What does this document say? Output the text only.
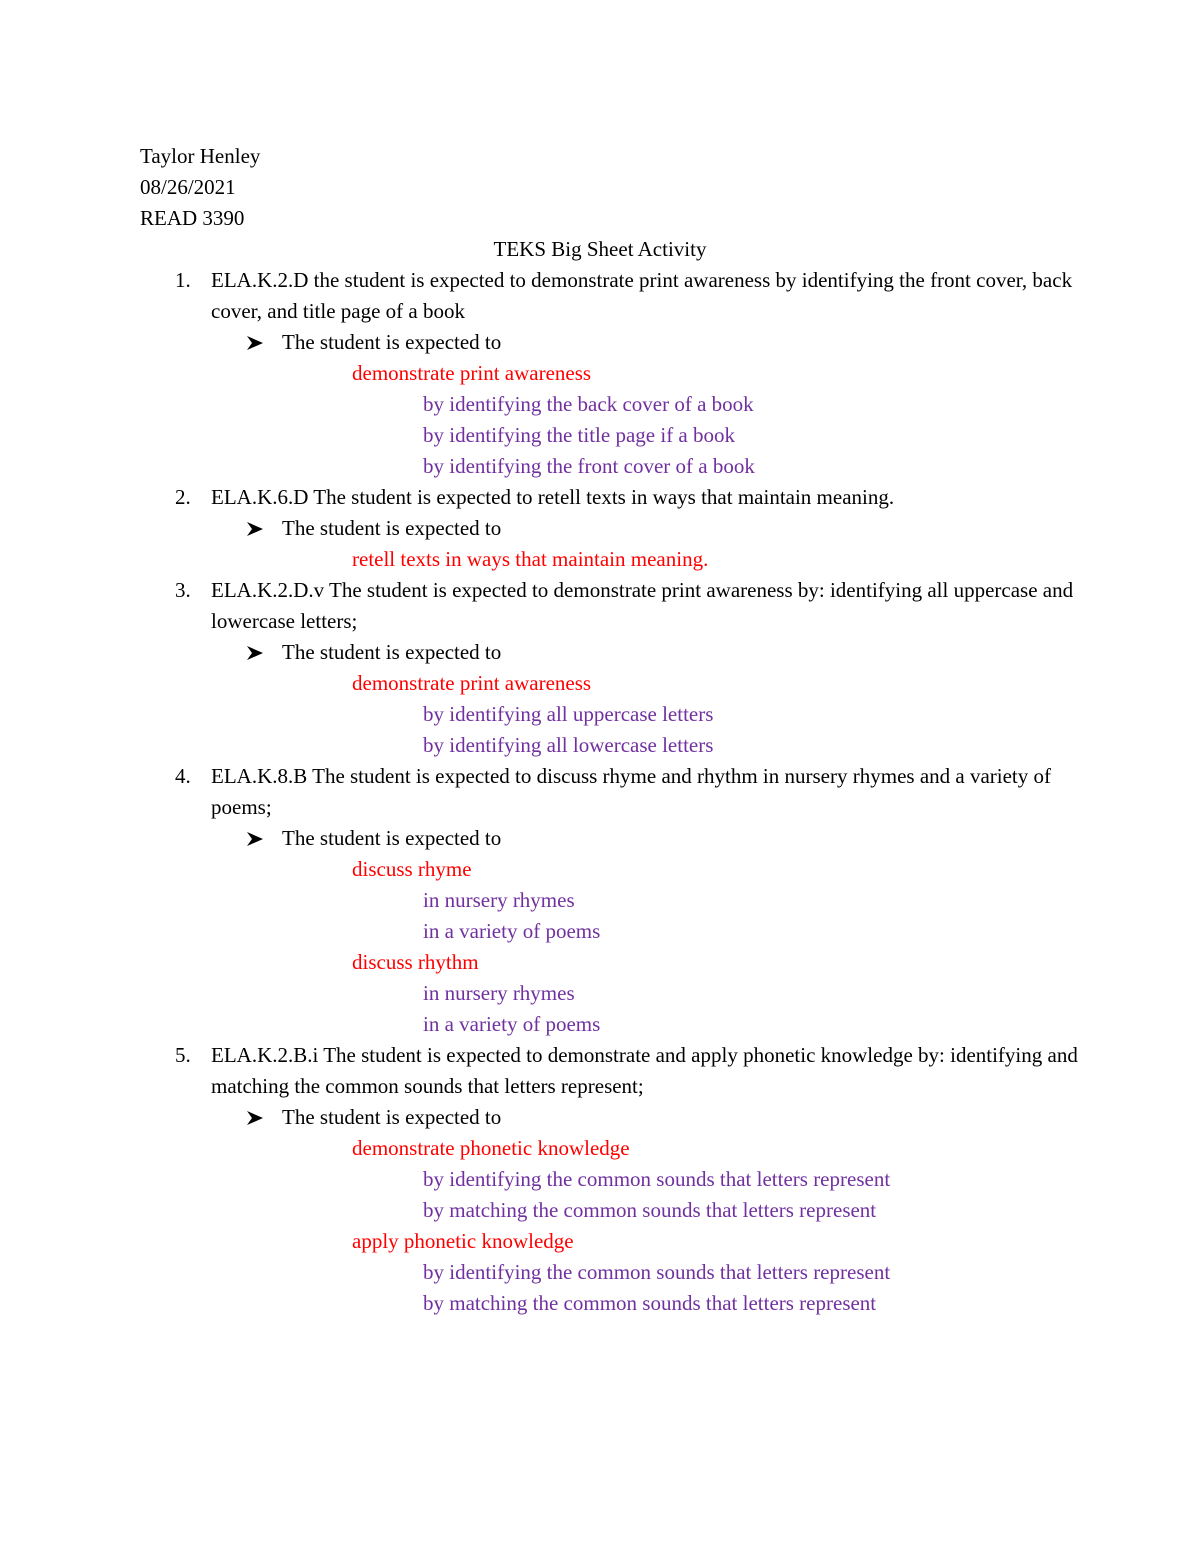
Taylor Henley
08/26/2021
READ 3390
TEKS Big Sheet Activity
1. ELA.K.2.D the student is expected to demonstrate print awareness by identifying the front cover, back cover, and title page of a book
The student is expected to
demonstrate print awareness
by identifying the back cover of a book
by identifying the title page if a book
by identifying the front cover of a book
2. ELA.K.6.D The student is expected to retell texts in ways that maintain meaning.
The student is expected to
retell texts in ways that maintain meaning.
3. ELA.K.2.D.v The student is expected to demonstrate print awareness by: identifying all uppercase and lowercase letters;
The student is expected to
demonstrate print awareness
by identifying all uppercase letters
by identifying all lowercase letters
4. ELA.K.8.B The student is expected to discuss rhyme and rhythm in nursery rhymes and a variety of poems;
The student is expected to
discuss rhyme
in nursery rhymes
in a variety of poems
discuss rhythm
in nursery rhymes
in a variety of poems
5. ELA.K.2.B.i The student is expected to demonstrate and apply phonetic knowledge by: identifying and matching the common sounds that letters represent;
The student is expected to
demonstrate phonetic knowledge
by identifying the common sounds that letters represent
by matching the common sounds that letters represent
apply phonetic knowledge
by identifying the common sounds that letters represent
by matching the common sounds that letters represent
